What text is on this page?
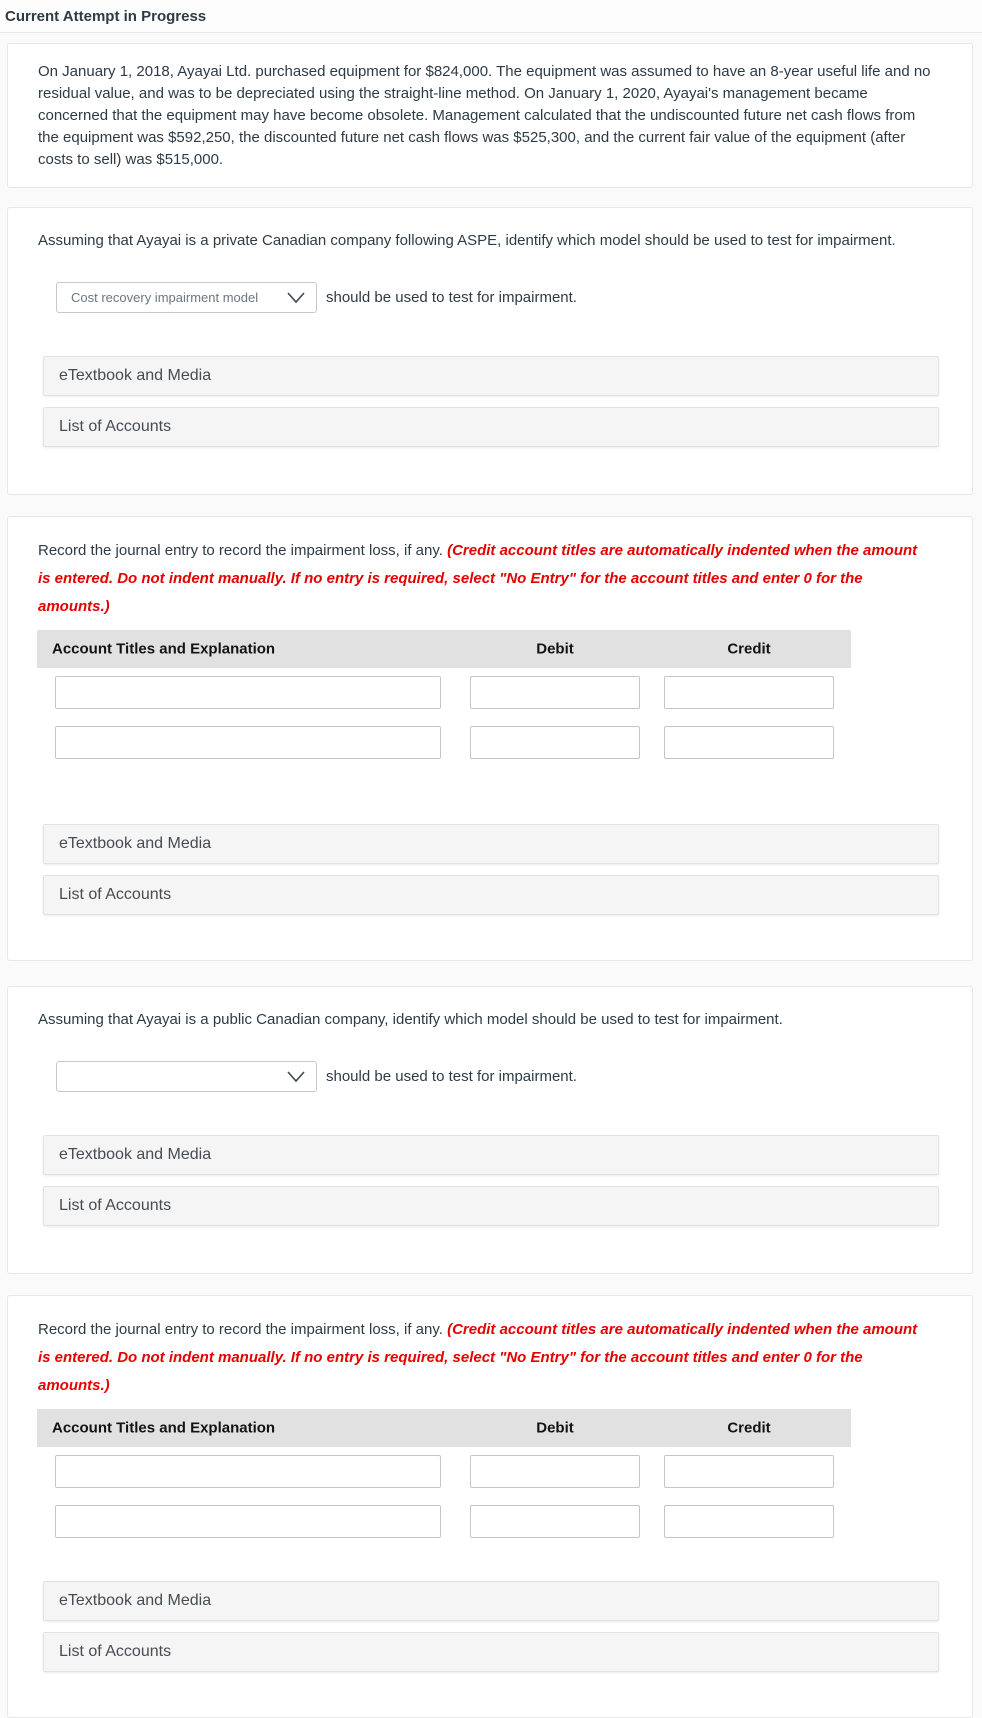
Current Attempt in Progress

On January 1, 2018, Ayayai Ltd. purchased equipment for $824,000. The equipment was assumed to have an 8-year useful life and no residual value, and was to be depreciated using the straight-line method. On January 1, 2020, Ayayai's management became concerned that the equipment may have become obsolete. Management calculated that the undiscounted future net cash flows from the equipment was $592,250, the discounted future net cash flows was $525,300, and the current fair value of the equipment (after costs to sell) was $515,000.

Assuming that Ayayai is a private Canadian company following ASPE, identify which model should be used to test for impairment.

Cost recovery impairment model	should be used to test for impairment.
eTextbook and Media
List of Accounts

Record the journal entry to record the impairment loss, if any. (Credit account titles are automatically indented when the amount is entered. Do not indent manually. If no entry is required, select "No Entry" for the account titles and enter 0 for the amounts.)

Account Titles and Explanation	Debit	Credit
eTextbook and Media
List of Accounts

Assuming that Ayayai is a public Canadian company, identify which model should be used to test for impairment.

should be used to test for impairment.
eTextbook and Media
List of Accounts

Record the journal entry to record the impairment loss, if any. (Credit account titles are automatically indented when the amount is entered. Do not indent manually. If no entry is required, select "No Entry" for the account titles and enter 0 for the amounts.)

Account Titles and Explanation	Debit	Credit
eTextbook and Media
List of Accounts
